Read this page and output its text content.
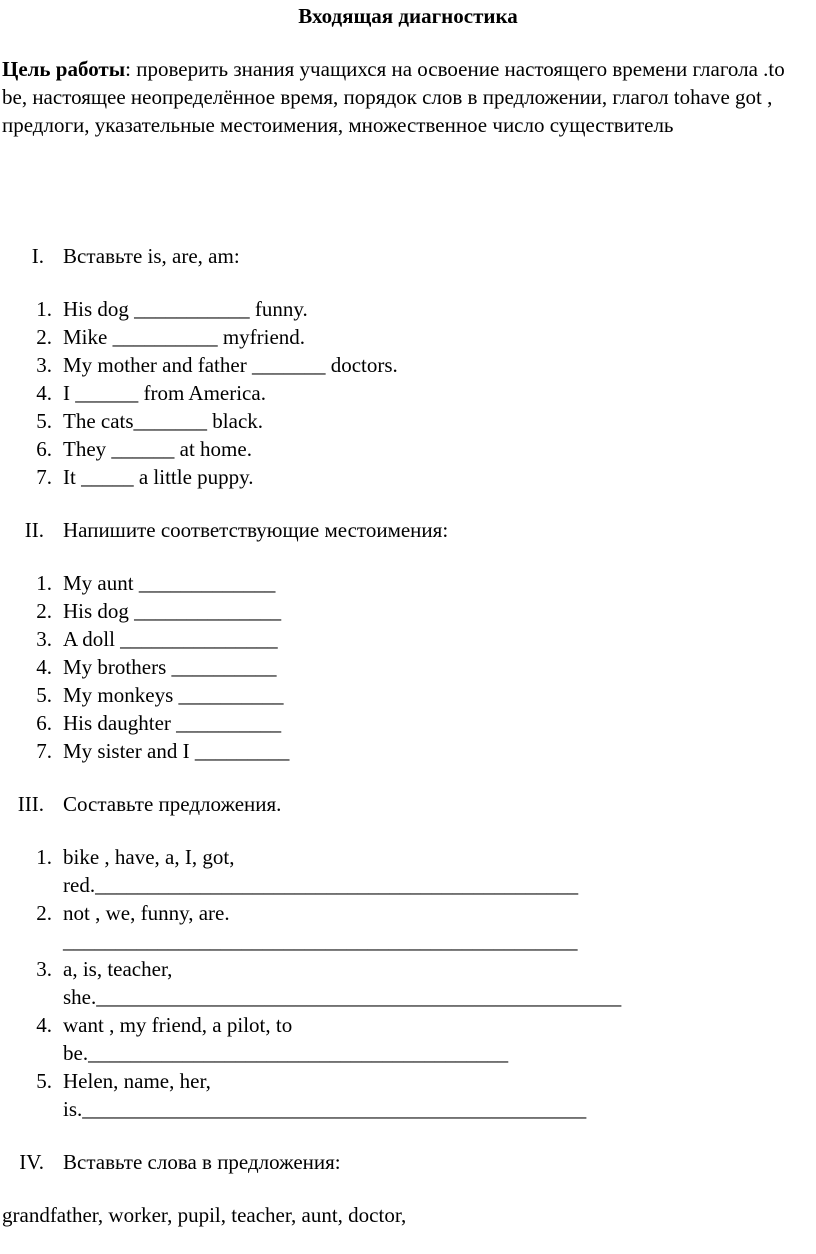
Входящая диагностика
Цель работы: проверить знания учащихся на освоение настоящего времени глагола .to be, настоящее неопределённое время, порядок слов в предложении, глагол tohave got , предлоги, указательные местоимения, множественное число существитель
I. Вставьте is, are, am:
1. His dog ___________ funny.
2. Mike __________ myfriend.
3. My mother and father _______ doctors.
4. I ______ from America.
5. The cats_______ black.
6. They ______ at home.
7. It _____ a little puppy.
II. Напишите соответствующие местоимения:
1. My aunt _____________
2. His dog ______________
3. A doll _______________
4. My brothers __________
5. My monkeys __________
6. His daughter __________
7. My sister and I _________
III. Составьте предложения.
1. bike , have, a, I, got,
red.______________________________________________
2. not , we, funny, are.
_________________________________________________
3. a, is, teacher,
she.__________________________________________________
4. want , my friend, a pilot, to
be.________________________________________
5. Helen, name, her,
is.________________________________________________
IV. Вставьте слова в предложения:
grandfather, worker, pupil, teacher, aunt, doctor,
